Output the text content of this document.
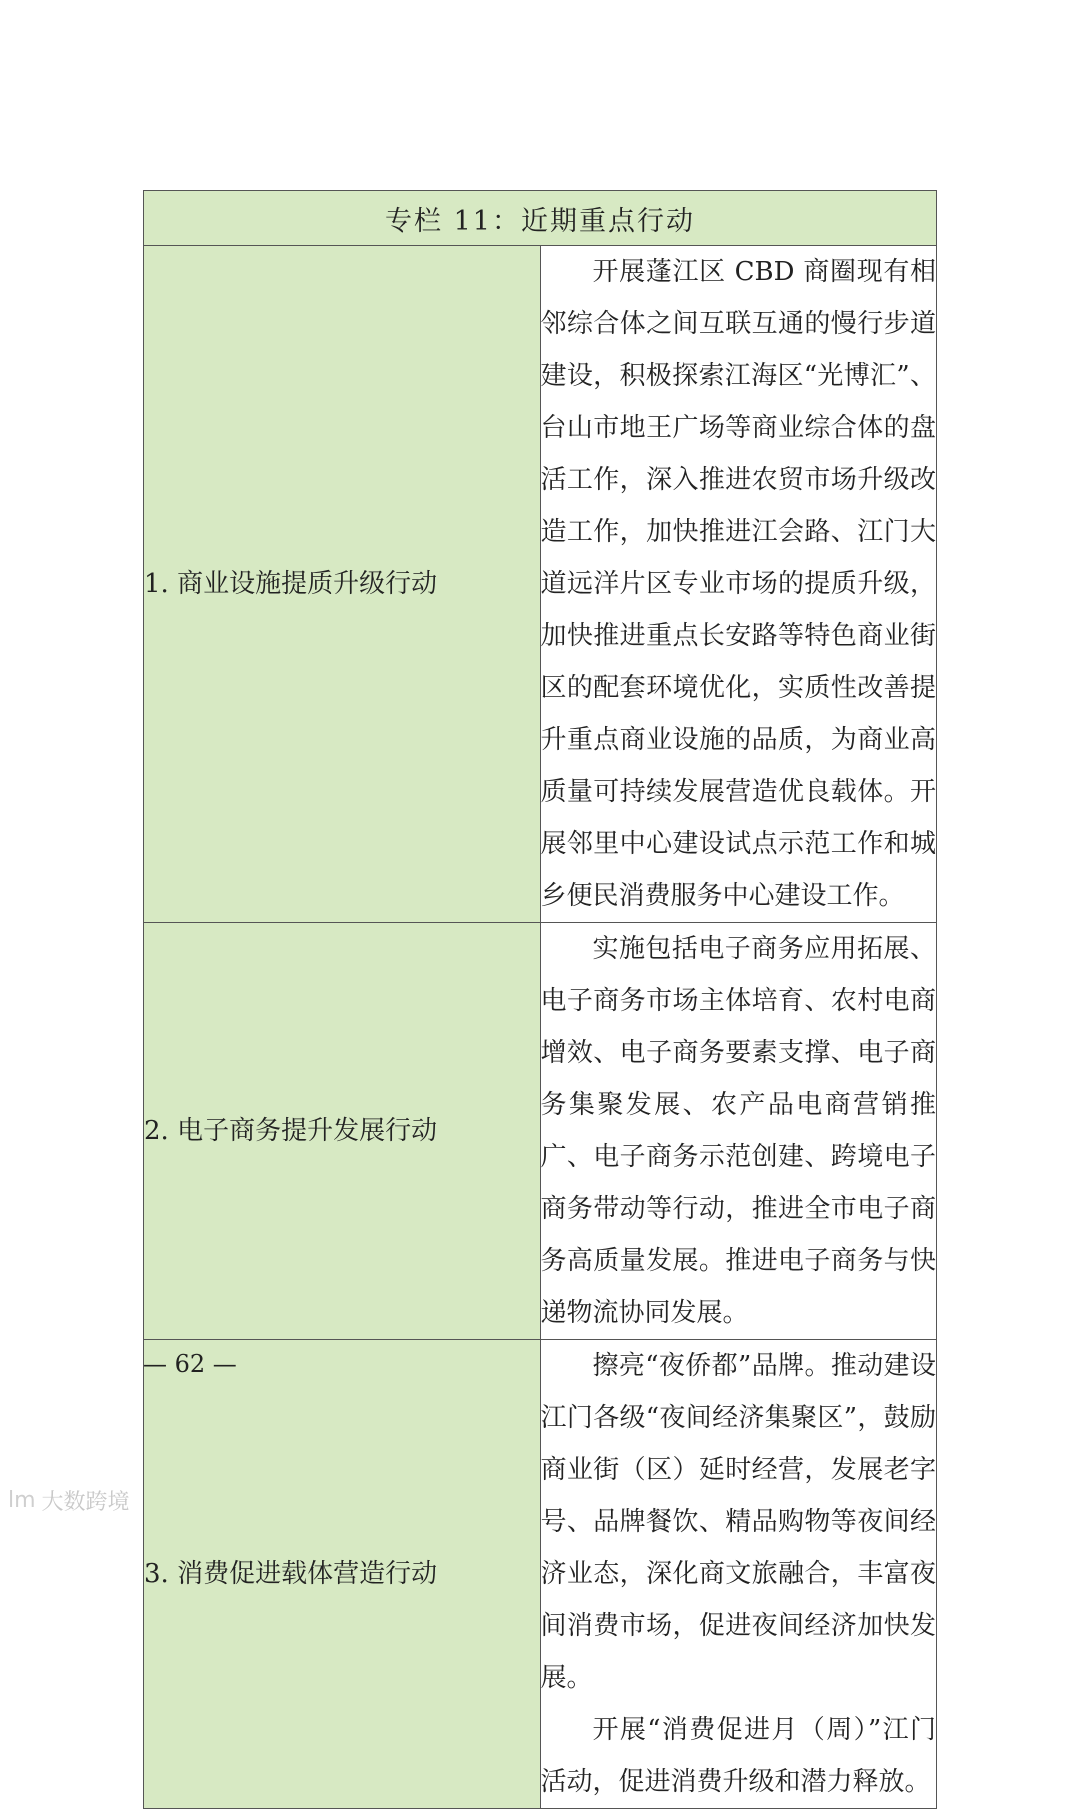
专栏 11：近期重点行动	

1. 商业设施提质升级行动	开展蓬江区 CBD 商圈现有相邻综合体之间互联互通的慢行步道建设，积极探索江海区“光博汇”、台山市地王广场等商业综合体的盘活工作，深入推进农贸市场升级改造工作，加快推进江会路、江门大道远洋片区专业市场的提质升级，加快推进重点长安路等特色商业街区的配套环境优化，实质性改善提升重点商业设施的品质，为商业高质量可持续发展营造优良载体。开展邻里中心建设试点示范工作和城乡便民消费服务中心建设工作。

2. 电子商务提升发展行动	实施包括电子商务应用拓展、电子商务市场主体培育、农村电商增效、电子商务要素支撑、电子商务集聚发展、农产品电商营销推广、电子商务示范创建、跨境电子商务带动等行动，推进全市电子商务高质量发展。推进电子商务与快递物流协同发展。

3. 消费促进载体营造行动	擦亮“夜侨都”品牌。推动建设江门各级“夜间经济集聚区”，鼓励商业街（区）延时经营，发展老字号、品牌餐饮、精品购物等夜间经济业态，深化商文旅融合，丰富夜间消费市场，促进夜间经济加快发展。

开展“消费促进月（周）”江门活动，促进消费升级和潜力释放。

— 62 —
lm 大数跨境
